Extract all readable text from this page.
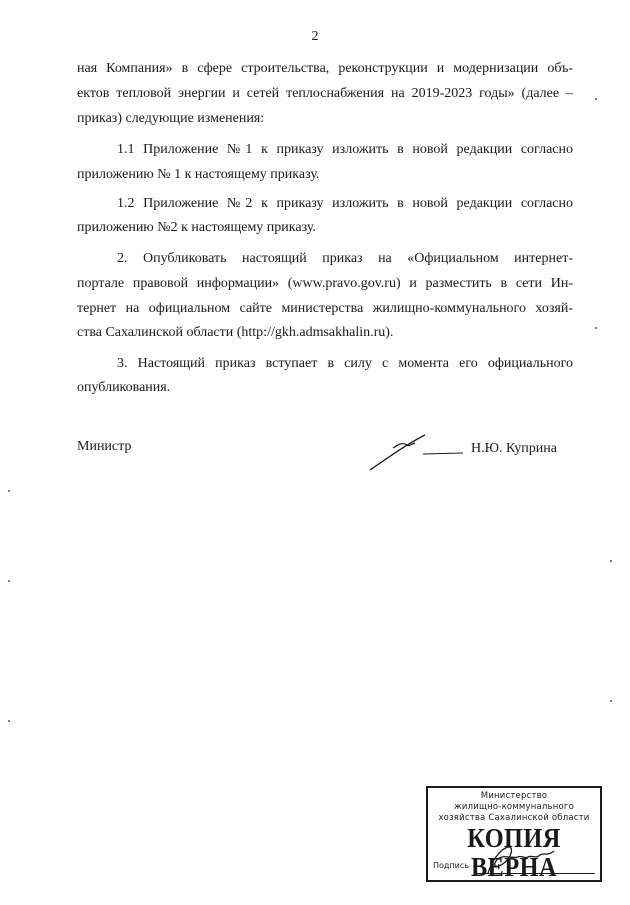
2
ная Компания» в сфере строительства, реконструкции и модернизации объ-
ектов тепловой энергии и сетей теплоснабжения на 2019-2023 годы» (далее –
приказ) следующие изменения:
1.1 Приложение №1 к приказу изложить в новой редакции согласно
приложению № 1 к настоящему приказу.
1.2 Приложение №2 к приказу изложить в новой редакции согласно
приложению №2 к настоящему приказу.
2. Опубликовать настоящий приказ на «Официальном интернет-
портале правовой информации» (www.pravo.gov.ru) и разместить в сети Ин-
тернет на официальном сайте министерства жилищно-коммунального хозяй-
ства Сахалинской области (http://gkh.admsakhalin.ru).
3. Настоящий приказ вступает в силу с момента его официального
опубликования.
Министр	Н.Ю. Куприна
Министерство
жилищно-коммунального
хозяйства Сахалинской области
КОПИЯ ВЕРНА
Подпись
